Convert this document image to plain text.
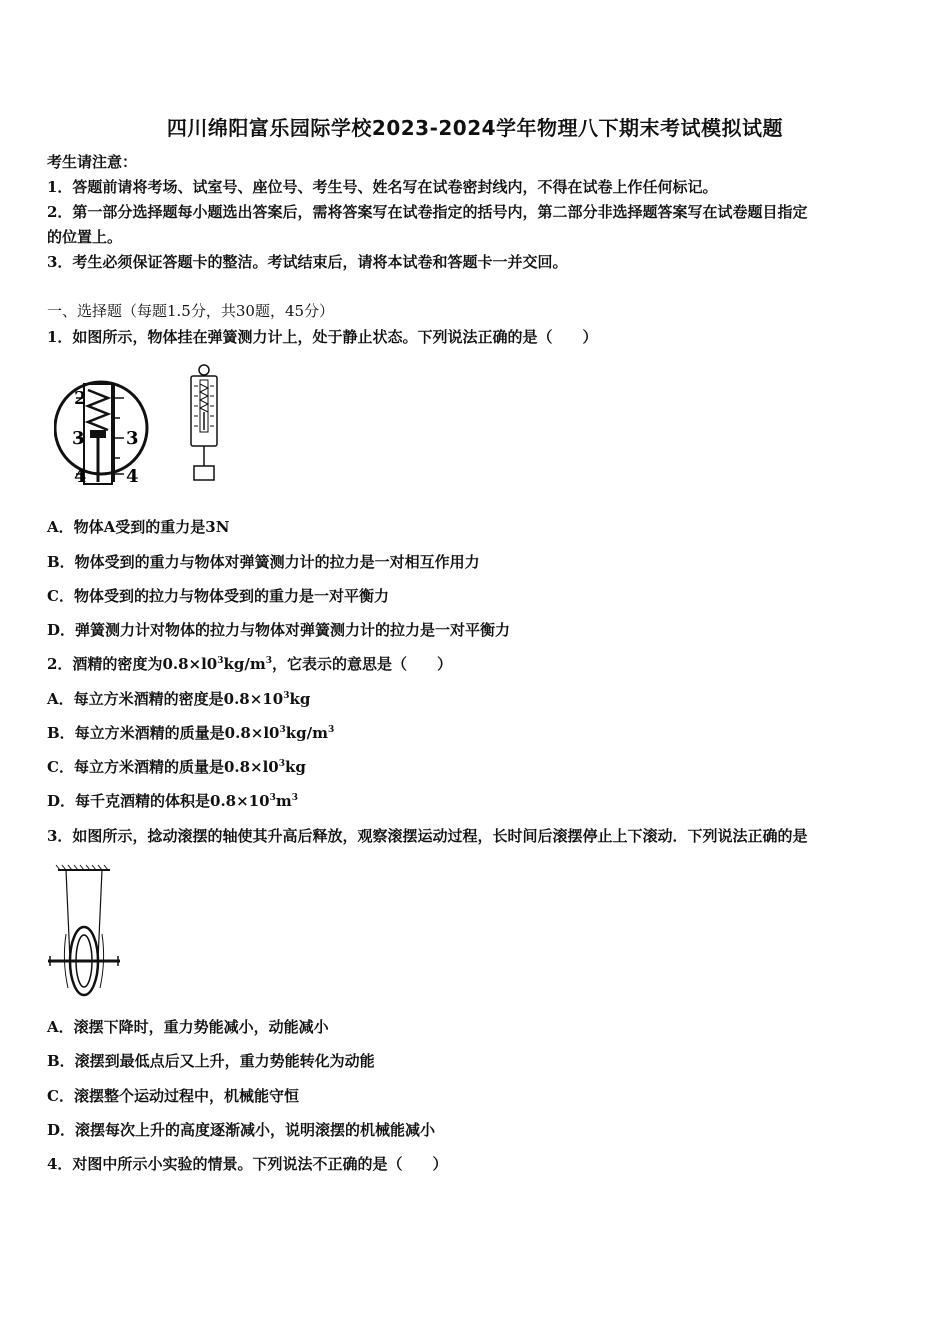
四川绵阳富乐园际学校2023-2024学年物理八下期末考试模拟试题
考生请注意：
1．答题前请将考场、试室号、座位号、考生号、姓名写在试卷密封线内，不得在试卷上作任何标记。
2．第一部分选择题每小题选出答案后，需将答案写在试卷指定的括号内，第二部分非选择题答案写在试卷题目指定
的位置上。
3．考生必须保证答题卡的整洁。考试结束后，请将本试卷和答题卡一并交回。
一、选择题（每题1.5分，共30题，45分）
1．如图所示，物体挂在弹簧测力计上，处于静止状态。下列说法正确的是（　　）
2
3 3
4 4
A．物体A受到的重力是3N
B．物体受到的重力与物体对弹簧测力计的拉力是一对相互作用力
C．物体受到的拉力与物体受到的重力是一对平衡力
D．弹簧测力计对物体的拉力与物体对弹簧测力计的拉力是一对平衡力
2．酒精的密度为$0.8\times l0^3kg/m^3$，它表示的意思是（　　）
A．每立方米酒精的密度是$0.8\times 10^3kg$
B．每立方米酒精的质量是$0.8\times l0^3kg/m^3$
C．每立方米酒精的质量是$0.8\times l0^3kg$
D．每千克酒精的体积是$0.8\times 10^3m^3$
3．如图所示，捻动滚摆的轴使其升高后释放，观察滚摆运动过程，长时间后滚摆停止上下滚动．下列说法正确的是
A．滚摆下降时，重力势能减小，动能减小
B．滚摆到最低点后又上升，重力势能转化为动能
C．滚摆整个运动过程中，机械能守恒
D．滚摆每次上升的高度逐渐减小，说明滚摆的机械能减小
4．对图中所示小实验的情景。下列说法不正确的是（　　）
